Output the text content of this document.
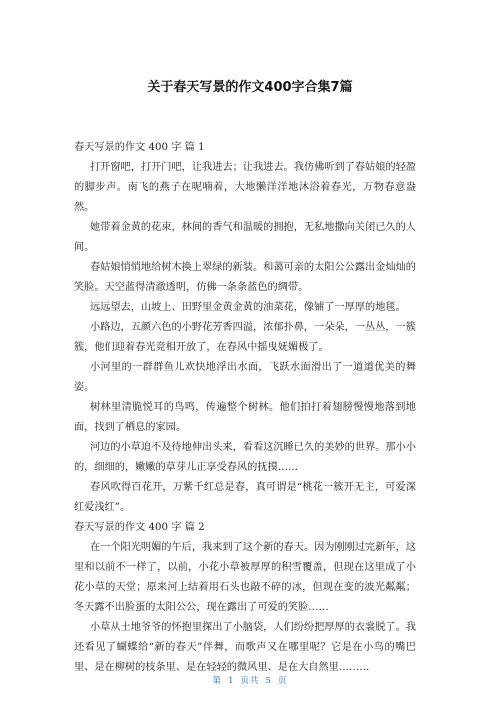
关于春天写景的作文400字合集7篇

春天写景的作文 400 字 篇 1

打开窗吧，打开门吧，让我进去；让我进去。我仿佛听到了春姑娘的轻盈的脚步声。南飞的燕子在呢喃着，大地懒洋洋地沐浴着春光，万物春意盎然。

她带着金黄的花束，林间的香气和温暖的拥抱，无私地撒向关闭已久的人间。

春姑娘悄悄地给树木换上翠绿的新装。和蔼可亲的太阳公公露出金灿灿的笑脸。天空蓝得清澈透明，仿佛一条条蓝色的绸带。

远远望去，山坡上、田野里金黄金黄的油菜花，像铺了一厚厚的地毯。

小路边，五颜六色的小野花芳香四溢，浓郁扑鼻，一朵朵，一丛丛，一簇簇，他们迎着春光竞相开放了，在春风中摇曳妩媚极了。

小河里的一群群鱼儿欢快地浮出水面，飞跃水面滑出了一道道优美的舞姿。

树林里清脆悦耳的鸟鸣，传遍整个树林。他们拍打着翅膀慢慢地落到地面，找到了栖息的家园。

河边的小草迫不及待地伸出头来，看看这沉睡已久的美妙的世界。那小小的，细细的，嫩嫩的草芽儿正享受春风的抚摸……

春风吹得百花开，万紫千红总是春，真可谓是“桃花一簇开无主，可爱深红爱浅红”。

春天写景的作文 400 字 篇 2

在一个阳光明媚的午后，我来到了这个新的春天。因为刚刚过完新年，这里和以前不一样了，以前，小花小草被厚厚的积雪覆盖，但现在这里成了小花小草的天堂；原来河上结着用石头也敲不碎的冰，但现在变的波光粼粼；冬天露不出脸蛋的太阳公公，现在露出了可爱的笑脸……

小草从土地爷爷的怀抱里探出了小脑袋，人们纷纷把厚厚的衣裳脱了。我还看见了蝴蝶给“新的春天”伴舞，而歌声又在哪里呢？它是在小鸟的嘴巴里、是在柳树的枝条里、是在轻轻的微风里、是在大自然里………

第 1 页共 5 页
